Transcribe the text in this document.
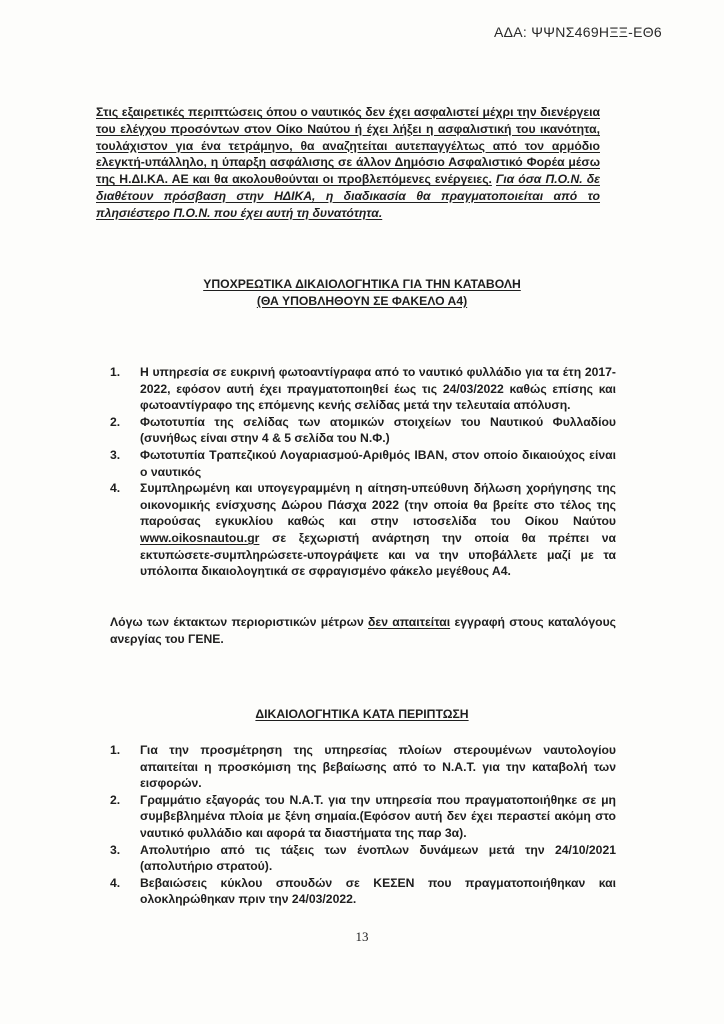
ΑΔΑ: ΨΨΝΣ469ΗΞΞ-ΕΘ6
Στις εξαιρετικές περιπτώσεις όπου ο ναυτικός δεν έχει ασφαλιστεί μέχρι την διενέργεια του ελέγχου προσόντων στον Οίκο Ναύτου ή έχει λήξει η ασφαλιστική του ικανότητα, τουλάχιστον για ένα τετράμηνο, θα αναζητείται αυτεπαγγέλτως από τον αρμόδιο ελεγκτή-υπάλληλο, η ύπαρξη ασφάλισης σε άλλον Δημόσιο Ασφαλιστικό Φορέα μέσω της Η.ΔΙ.ΚΑ. ΑΕ και θα ακολουθούνται οι προβλεπόμενες ενέργειες. Για όσα Π.Ο.Ν. δε διαθέτουν πρόσβαση στην ΗΔΙΚΑ, η διαδικασία θα πραγματοποιείται από το πλησιέστερο Π.Ο.Ν. που έχει αυτή τη δυνατότητα.
ΥΠΟΧΡΕΩΤΙΚΑ ΔΙΚΑΙΟΛΟΓΗΤΙΚΑ ΓΙΑ ΤΗΝ ΚΑΤΑΒΟΛΗ
(ΘΑ ΥΠΟΒΛΗΘΟΥΝ ΣΕ ΦΑΚΕΛΟ Α4)
1. Η υπηρεσία σε ευκρινή φωτοαντίγραφα από το ναυτικό φυλλάδιο για τα έτη 2017-2022, εφόσον αυτή έχει πραγματοποιηθεί έως τις 24/03/2022 καθώς επίσης και φωτοαντίγραφο της επόμενης κενής σελίδας μετά την τελευταία απόλυση.
2. Φωτοτυπία της σελίδας των ατομικών στοιχείων του Ναυτικού Φυλλαδίου (συνήθως είναι στην 4 & 5 σελίδα του Ν.Φ.)
3. Φωτοτυπία Τραπεζικού Λογαριασμού-Αριθμός ΙΒΑΝ, στον οποίο δικαιούχος είναι ο ναυτικός
4. Συμπληρωμένη και υπογεγραμμένη η αίτηση-υπεύθυνη δήλωση χορήγησης της οικονομικής ενίσχυσης Δώρου Πάσχα 2022 (την οποία θα βρείτε στο τέλος της παρούσας εγκυκλίου καθώς και στην ιστοσελίδα του Οίκου Ναύτου www.oikosnautou.gr σε ξεχωριστή ανάρτηση την οποία θα πρέπει να εκτυπώσετε-συμπληρώσετε-υπογράψετε και να την υποβάλλετε μαζί με τα υπόλοιπα δικαιολογητικά σε σφραγισμένο φάκελο μεγέθους Α4.
Λόγω των έκτακτων περιοριστικών μέτρων δεν απαιτείται εγγραφή στους καταλόγους ανεργίας του ΓΕΝΕ.
ΔΙΚΑΙΟΛΟΓΗΤΙΚΑ ΚΑΤΑ ΠΕΡΙΠΤΩΣΗ
1. Για την προσμέτρηση της υπηρεσίας πλοίων στερουμένων ναυτολογίου απαιτείται η προσκόμιση της βεβαίωσης από το Ν.Α.Τ. για την καταβολή των εισφορών.
2. Γραμμάτιο εξαγοράς του Ν.Α.Τ. για την υπηρεσία που πραγματοποιήθηκε σε μη συμβεβλημένα πλοία με ξένη σημαία.(Εφόσον αυτή δεν έχει περαστεί ακόμη στο ναυτικό φυλλάδιο και αφορά τα διαστήματα της παρ 3α).
3. Απολυτήριο από τις τάξεις των ένοπλων δυνάμεων μετά την 24/10/2021 (απολυτήριο στρατού).
4. Βεβαιώσεις κύκλου σπουδών σε ΚΕΣΕΝ που πραγματοποιήθηκαν και ολοκληρώθηκαν πριν την 24/03/2022.
13
